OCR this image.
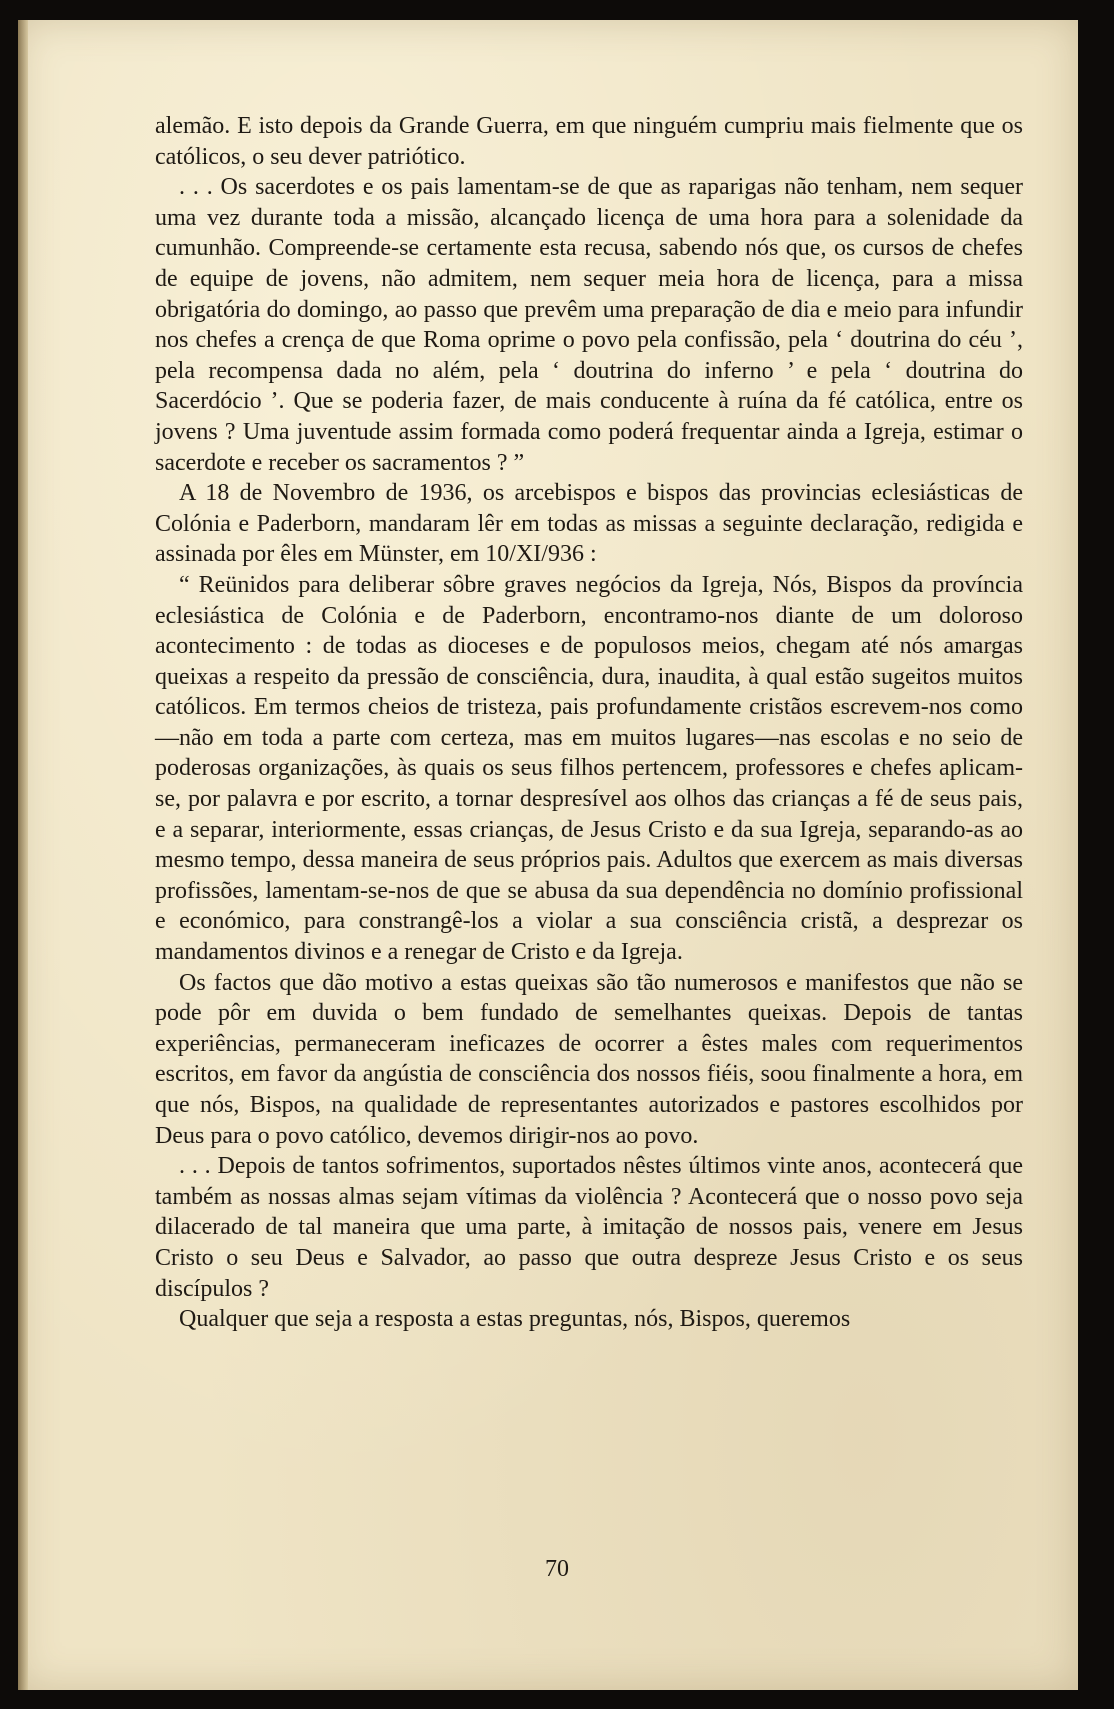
alemão. E isto depois da Grande Guerra, em que ninguém cumpriu mais fielmente que os católicos, o seu dever patriótico.

. . . Os sacerdotes e os pais lamentam-se de que as raparigas não tenham, nem sequer uma vez durante toda a missão, alcançado licença de uma hora para a solenidade da cumunhão. Compreende-se certamente esta recusa, sabendo nós que, os cursos de chefes de equipe de jovens, não admitem, nem sequer meia hora de licença, para a missa obrigatória do domingo, ao passo que prevêm uma preparação de dia e meio para infundir nos chefes a crença de que Roma oprime o povo pela confissão, pela ‘ doutrina do céu ’, pela recompensa dada no além, pela ‘ doutrina do inferno ’ e pela ‘ doutrina do Sacerdócio ’. Que se poderia fazer, de mais conducente à ruína da fé católica, entre os jovens ? Uma juventude assim formada como poderá frequentar ainda a Igreja, estimar o sacerdote e receber os sacramentos ? ”

A 18 de Novembro de 1936, os arcebispos e bispos das provincias eclesiásticas de Colónia e Paderborn, mandaram lêr em todas as missas a seguinte declaração, redigida e assinada por êles em Münster, em 10/XI/936 :

“ Reünidos para deliberar sôbre graves negócios da Igreja, Nós, Bispos da província eclesiástica de Colónia e de Paderborn, encontramo-nos diante de um doloroso acontecimento : de todas as dioceses e de populosos meios, chegam até nós amargas queixas a respeito da pressão de consciência, dura, inaudita, à qual estão sugeitos muitos católicos. Em termos cheios de tristeza, pais profundamente cristãos escrevem-nos como —não em toda a parte com certeza, mas em muitos lugares—nas escolas e no seio de poderosas organizações, às quais os seus filhos pertencem, professores e chefes aplicam-se, por palavra e por escrito, a tornar despresível aos olhos das crianças a fé de seus pais, e a separar, interiormente, essas crianças, de Jesus Cristo e da sua Igreja, separando-as ao mesmo tempo, dessa maneira de seus próprios pais. Adultos que exercem as mais diversas profissões, lamentam-se-nos de que se abusa da sua dependência no domínio profissional e económico, para constrangê-los a violar a sua consciência cristã, a desprezar os mandamentos divinos e a renegar de Cristo e da Igreja.

Os factos que dão motivo a estas queixas são tão numerosos e manifestos que não se pode pôr em duvida o bem fundado de semelhantes queixas. Depois de tantas experiências, permaneceram ineficazes de ocorrer a êstes males com requerimentos escritos, em favor da angústia de consciência dos nossos fiéis, soou finalmente a hora, em que nós, Bispos, na qualidade de representantes autorizados e pastores escolhidos por Deus para o povo católico, devemos dirigir-nos ao povo.

. . . Depois de tantos sofrimentos, suportados nêstes últimos vinte anos, acontecerá que também as nossas almas sejam vítimas da violência ? Acontecerá que o nosso povo seja dilacerado de tal maneira que uma parte, à imitação de nossos pais, venere em Jesus Cristo o seu Deus e Salvador, ao passo que outra despreze Jesus Cristo e os seus discípulos ?

Qualquer que seja a resposta a estas preguntas, nós, Bispos, queremos

70
